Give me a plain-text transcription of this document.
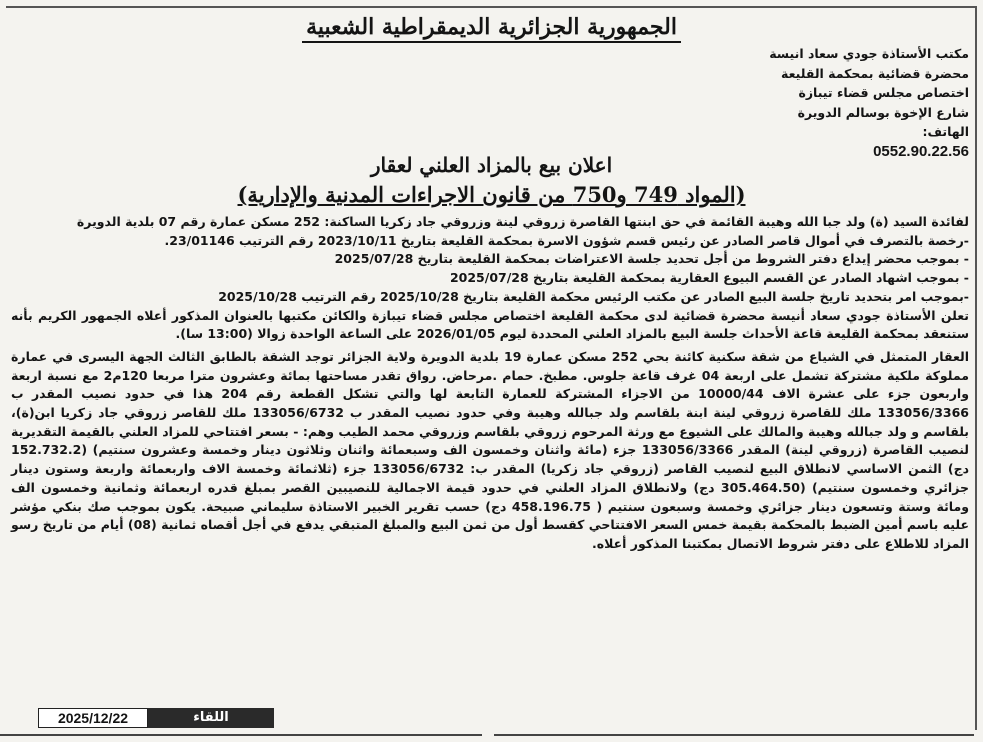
الجمهورية الجزائرية الديمقراطية الشعبية
مكتب الأستاذة جودي سعاد انيسة
محضرة قضائية بمحكمة القليعة
اختصاص مجلس قضاء تيبازة
شارع الإخوة بوسالم الدويرة
الهاتف:
0552.90.22.56
اعلان بيع بالمزاد العلني لعقار
(المواد 749 و750 من قانون الاجراءات المدنية والإدارية)

لفائدة السيد (ة) ولد جبا الله وهيبة القائمة في حق ابنتها القاصرة زروقي لينة وزروقي جاد زكريا الساكنة: 252 مسكن عمارة رقم 07 بلدية الدويرة

-رخصة بالتصرف في أموال قاصر الصادر عن رئيس قسم شؤون الاسرة بمحكمة القليعة بتاريخ 2023/10/11 رقم الترتيب 23/01146.

- بموجب محضر إيداع دفتر الشروط من أجل تحديد جلسة الاعتراضات بمحكمة القليعة بتاريخ 2025/07/28

- بموجب اشهاد الصادر عن القسم البيوع العقارية بمحكمة القليعة بتاريخ 2025/07/28

-بموجب امر بتحديد تاريخ جلسة البيع الصادر عن مكتب الرئيس محكمة القليعة بتاريخ 2025/10/28 رقم الترتيب 2025/10/28

تعلن الأستاذة جودي سعاد أنيسة محضرة قضائية لدى محكمة القليعة اختصاص مجلس قضاء تيبازة والكائن مكتبها بالعنوان المذكور أعلاه الجمهور الكريم بأنه ستنعقد بمحكمة القليعة قاعة الأحداث جلسة البيع بالمزاد العلني المحددة ليوم 2026/01/05 على الساعة الواحدة زوالا (13:00 سا).

العقار المتمثل في الشياع من شقة سكنية كائنة بحي 252 مسكن عمارة 19 بلدية الدويرة ولاية الجزائر توجد الشقة بالطابق الثالث الجهة اليسرى في عمارة مملوكة ملكية مشتركة تشمل على اربعة 04 غرف قاعة جلوس. مطبخ. حمام .مرحاض. رواق تقدر مساحتها بمائة وعشرون مترا مربعا 120م2 مع نسبة اربعة واربعون جزء على عشرة الاف 10000/44 من الاجزاء المشتركة للعمارة التابعة لها والتي تشكل القطعة رقم 204 هذا في حدود نصيب المقدر ب 133056/3366 ملك للقاصرة زروقي لينة ابنة بلقاسم ولد جبالله وهيبة وفي حدود نصيب المقدر ب 133056/6732 ملك للقاصر زروقي جاد زكريا ابن(ة)، بلقاسم و ولد جبالله وهيبة والمالك على الشيوع مع ورثة المرحوم زروقي بلقاسم وزروقي محمد الطيب وهم: - بسعر افتتاحي للمزاد العلني بالقيمة التقديرية لنصيب القاصرة (زروقي لينة) المقدر 133056/3366 جزء (مائة واثنان وخمسون الف وسبعمائة واثنان وثلاثون دينار وخمسة وعشرون سنتيم) (152.732.2 دج) الثمن الاساسي لانطلاق البيع لنصيب القاصر (زروقي جاد زكريا) المقدر ب: 133056/6732 جزء (ثلاثمائة وخمسة الاف واربعمائة واربعة وستون دينار جزائري وخمسون سنتيم) (305.464.50 دج) ولانطلاق المزاد العلني في حدود قيمة الاجمالية للنصيبين القصر بمبلغ قدره اربعمائة وثمانية وخمسون الف ومائة وستة وتسعون دينار جزائري وخمسة وسبعون سنتيم ( 458.196.75 دج) حسب تقرير الخبير الاستاذة سليماني صبيحة. يكون بموجب صك بنكي مؤشر عليه باسم أمين الضبط بالمحكمة بقيمة خمس السعر الافتتاحي كقسط أول من ثمن البيع والمبلغ المتبقي يدفع في أجل أقصاه ثمانية (08) أيام من تاريخ رسو المزاد للاطلاع على دفتر شروط الاتصال بمكتبنا المذكور أعلاه.

2025/12/22	اللقاء
